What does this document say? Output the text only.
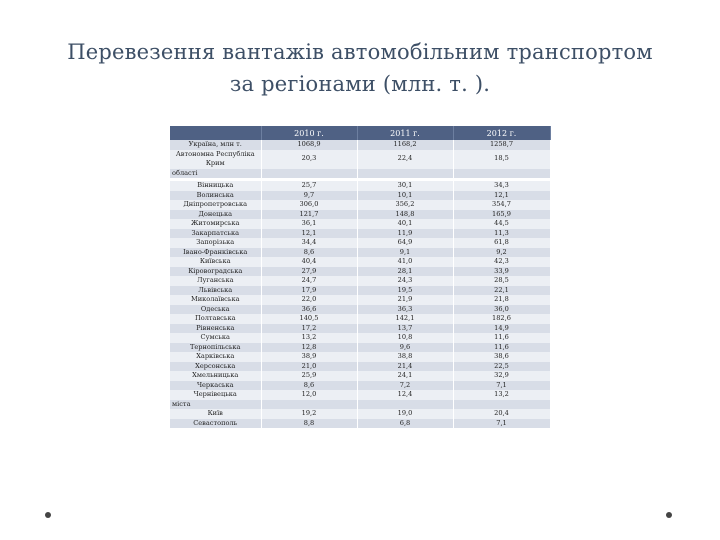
Перевезення вантажів автомобільним транспортом
за регіонами (млн. т. ).
	2010 г.	2011 г.	2012 г.
Україна, млн т.	1068,9	1168,2	1258,7
Автономна Республіка Крим	20,3	22,4	18,5
області			

Вінницька	25,7	30,1	34,3
Волинська	9,7	10,1	12,1
Дніпропетровська	306,0	356,2	354,7
Донецька	121,7	148,8	165,9
Житомирська	36,1	40,1	44,5
Закарпатська	12,1	11,9	11,3
Запорізька	34,4	64,9	61,8
Івано-Франківська	8,6	9,1	9,2
Київська	40,4	41,0	42,3
Кіровоградська	27,9	28,1	33,9
Луганська	24,7	24,3	28,5
Львівська	17,9	19,5	22,1
Миколаївська	22,0	21,9	21,8
Одеська	36,6	36,3	36,0
Полтавська	140,5	142,1	182,6
Рівненська	17,2	13,7	14,9
Сумська	13,2	10,8	11,6
Тернопільська	12,8	9,6	11,6
Харківська	38,9	38,8	38,6
Херсонська	21,0	21,4	22,5
Хмельницька	25,9	24,1	32,9
Черкаська	8,6	7,2	7,1
Чернівецька	12,0	12,4	13,2
міста			
Київ	19,2	19,0	20,4
Севастополь	8,8	6,8	7,1
